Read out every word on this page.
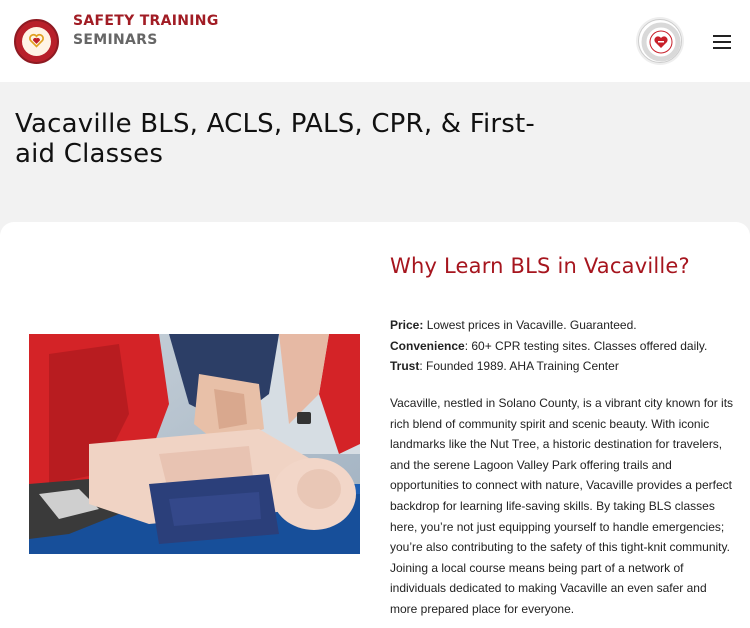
SAFETY TRAINING
SEMINARS
Vacaville BLS, ACLS, PALS, CPR, & First-aid Classes
Why Learn BLS in Vacaville?
Price: Lowest prices in Vacaville. Guaranteed.
Convenience: 60+ CPR testing sites. Classes offered daily.
Trust: Founded 1989. AHA Training Center

Vacaville, nestled in Solano County, is a vibrant city known for its rich blend of community spirit and scenic beauty. With iconic landmarks like the Nut Tree, a historic destination for travelers, and the serene Lagoon Valley Park offering trails and opportunities to connect with nature, Vacaville provides a perfect backdrop for learning life-saving skills. By taking BLS classes here, you’re not just equipping yourself to handle emergencies; you’re also contributing to the safety of this tight-knit community. Joining a local course means being part of a network of individuals dedicated to making Vacaville an even safer and more prepared place for everyone.
